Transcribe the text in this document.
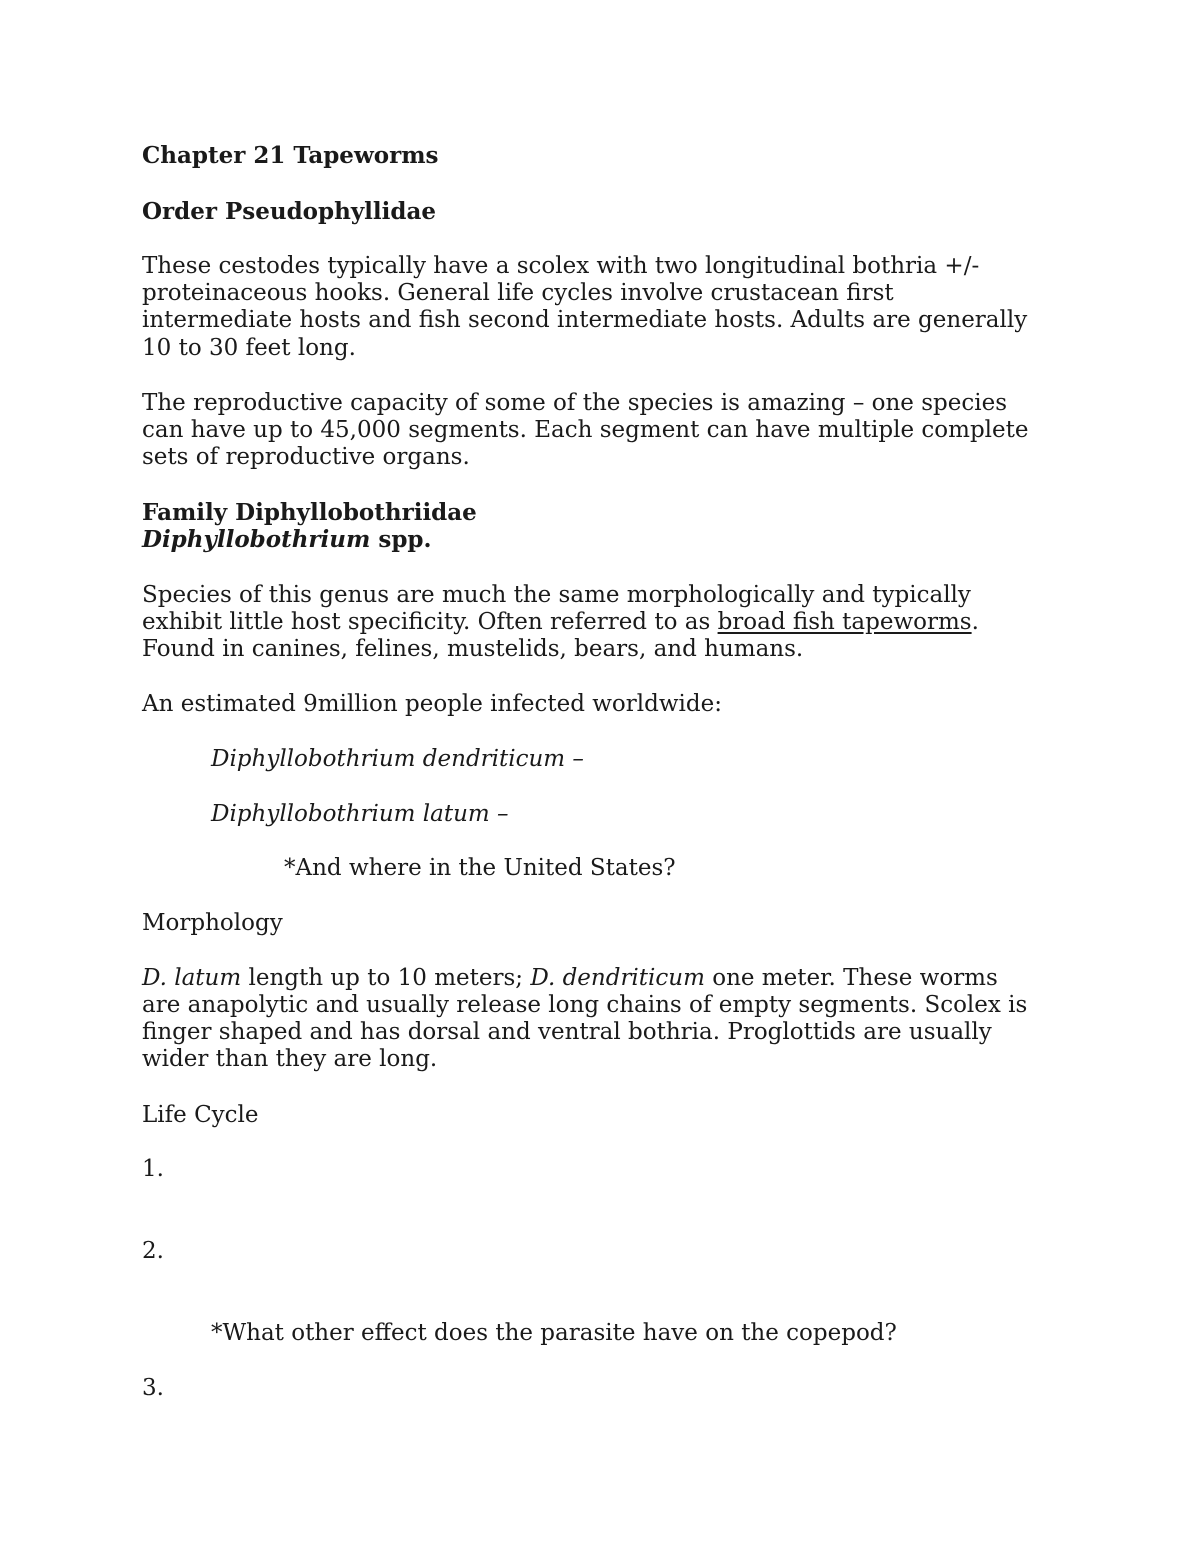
Chapter 21 Tapeworms
Order Pseudophyllidae
These cestodes typically have a scolex with two longitudinal bothria +/-
proteinaceous hooks. General life cycles involve crustacean first
intermediate hosts and fish second intermediate hosts. Adults are generally
10 to 30 feet long.
The reproductive capacity of some of the species is amazing – one species
can have up to 45,000 segments. Each segment can have multiple complete
sets of reproductive organs.
Family Diphyllobothriidae
Diphyllobothrium spp.
Species of this genus are much the same morphologically and typically
exhibit little host specificity. Often referred to as broad fish tapeworms.
Found in canines, felines, mustelids, bears, and humans.
An estimated 9million people infected worldwide:
Diphyllobothrium dendriticum –
Diphyllobothrium latum –
*And where in the United States?
Morphology
D. latum length up to 10 meters; D. dendriticum one meter. These worms
are anapolytic and usually release long chains of empty segments. Scolex is
finger shaped and has dorsal and ventral bothria. Proglottids are usually
wider than they are long.
Life Cycle
1.
2.
*What other effect does the parasite have on the copepod?
3.
